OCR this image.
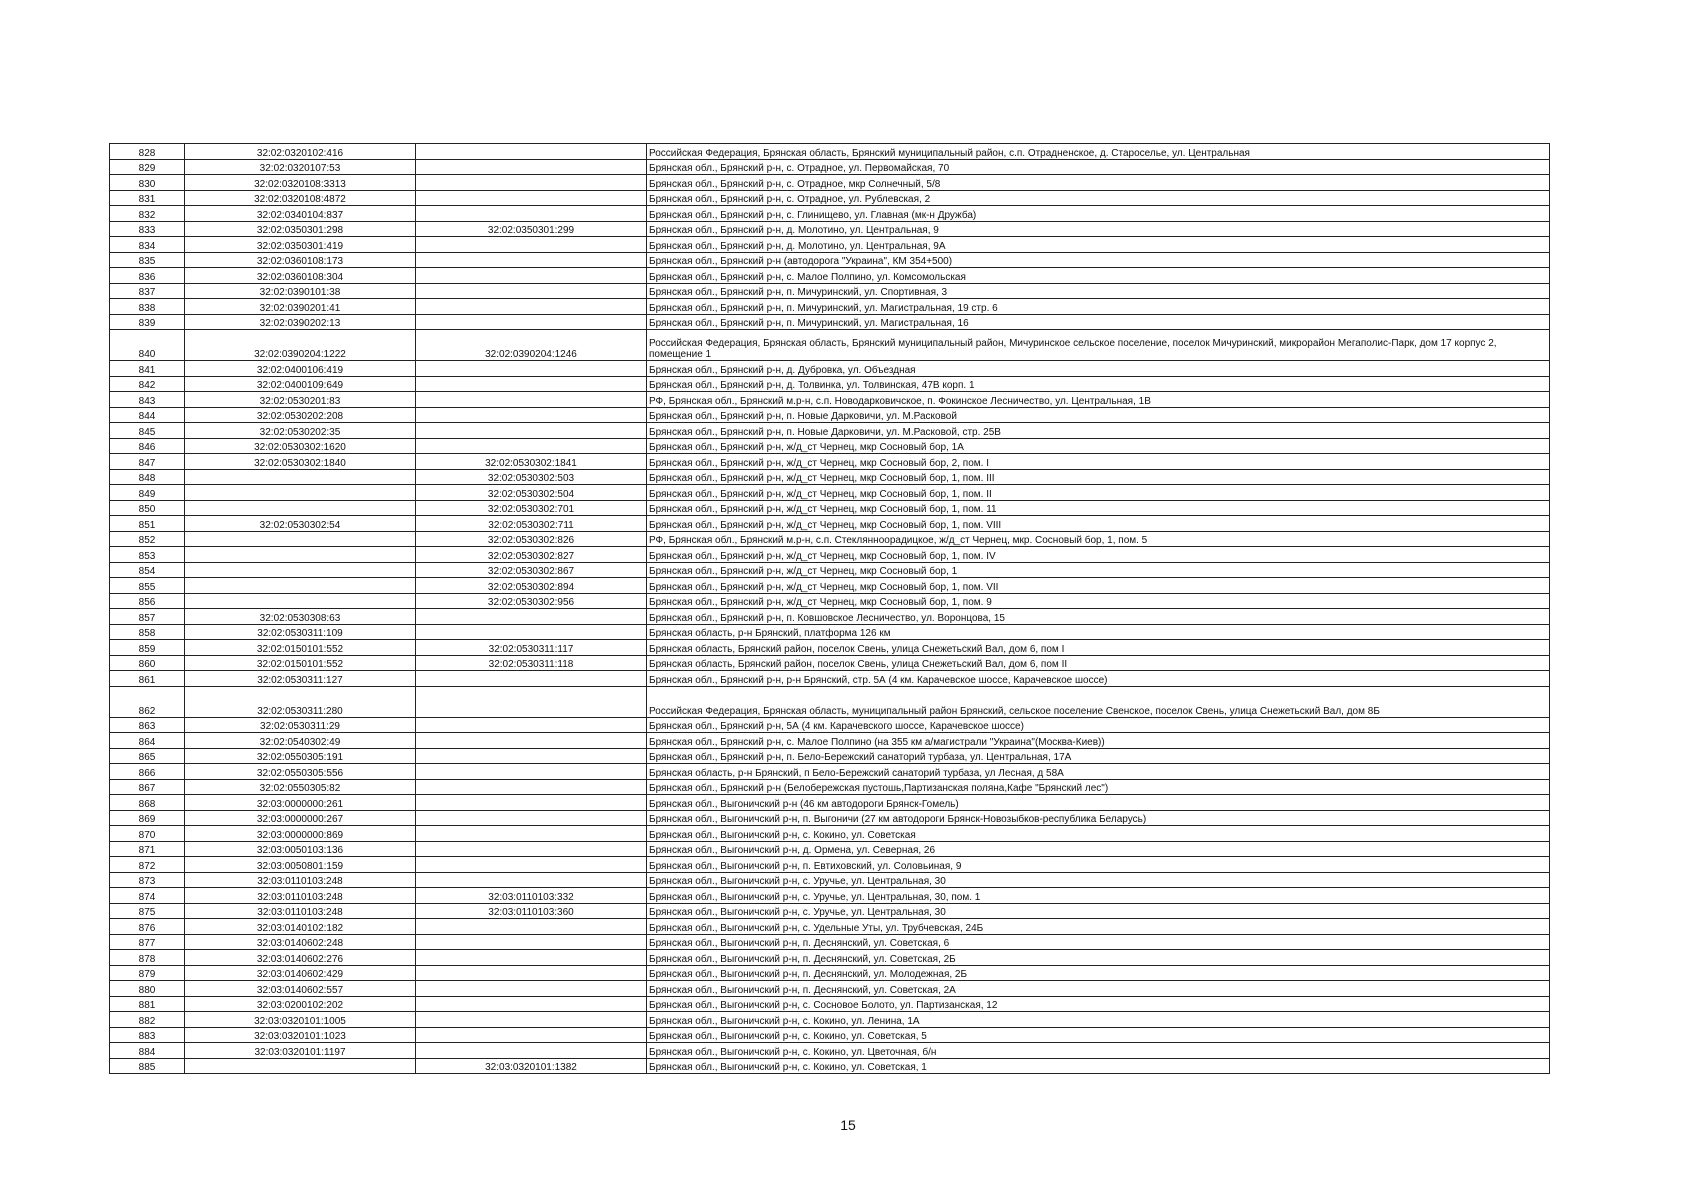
828	32:02:0320102:416		Российская Федерация, Брянская область, Брянский муниципальный район, с.п. Отрадненское, д. Староселье, ул. Центральная
829	32:02:0320107:53		Брянская обл., Брянский р-н, с. Отрадное, ул. Первомайская, 70
830	32:02:0320108:3313		Брянская обл., Брянский р-н, с. Отрадное, мкр Солнечный, 5/8
831	32:02:0320108:4872		Брянская обл., Брянский р-н, с. Отрадное, ул. Рублевская, 2
832	32:02:0340104:837		Брянская обл., Брянский р-н, с. Глинищево, ул. Главная (мк-н Дружба)
833	32:02:0350301:298	32:02:0350301:299	Брянская обл., Брянский р-н, д. Молотино, ул. Центральная, 9
834	32:02:0350301:419		Брянская обл., Брянский р-н, д. Молотино, ул. Центральная, 9А
835	32:02:0360108:173		Брянская обл., Брянский р-н (автодорога "Украина", КМ 354+500)
836	32:02:0360108:304		Брянская обл., Брянский р-н, с. Малое Полпино, ул. Комсомольская
837	32:02:0390101:38		Брянская обл., Брянский р-н, п. Мичуринский, ул. Спортивная, 3
838	32:02:0390201:41		Брянская обл., Брянский р-н, п. Мичуринский, ул. Магистральная, 19 стр. 6
839	32:02:0390202:13		Брянская обл., Брянский р-н, п. Мичуринский, ул. Магистральная, 16
840	32:02:0390204:1222	32:02:0390204:1246	Российская Федерация, Брянская область, Брянский муниципальный район, Мичуринское сельское поселение, поселок Мичуринский, микрорайон Мегаполис-Парк, дом 17 корпус 2, помещение 1
841	32:02:0400106:419		Брянская обл., Брянский р-н, д. Дубровка, ул. Объездная
842	32:02:0400109:649		Брянская обл., Брянский р-н, д. Толвинка, ул. Толвинская, 47В корп. 1
843	32:02:0530201:83		РФ, Брянская обл., Брянский м.р-н, с.п. Новодарковичское, п. Фокинское Лесничество, ул. Центральная, 1В
844	32:02:0530202:208		Брянская обл., Брянский р-н, п. Новые Дарковичи, ул. М.Расковой
845	32:02:0530202:35		Брянская обл., Брянский р-н, п. Новые Дарковичи, ул. М.Расковой, стр. 25В
846	32:02:0530302:1620		Брянская обл., Брянский р-н, ж/д_ст Чернец, мкр Сосновый бор, 1А
847	32:02:0530302:1840	32:02:0530302:1841	Брянская обл., Брянский р-н, ж/д_ст Чернец, мкр Сосновый бор, 2, пом. I
848		32:02:0530302:503	Брянская обл., Брянский р-н, ж/д_ст Чернец, мкр Сосновый бор, 1, пом. III
849		32:02:0530302:504	Брянская обл., Брянский р-н, ж/д_ст Чернец, мкр Сосновый бор, 1, пом. II
850		32:02:0530302:701	Брянская обл., Брянский р-н, ж/д_ст Чернец, мкр Сосновый бор, 1, пом. 11
851	32:02:0530302:54	32:02:0530302:711	Брянская обл., Брянский р-н, ж/д_ст Чернец, мкр Сосновый бор, 1, пом. VIII
852		32:02:0530302:826	РФ, Брянская обл., Брянский м.р-н, с.п. Стеклянноорадицкое, ж/д_ст Чернец, мкр. Сосновый бор, 1, пом. 5
853		32:02:0530302:827	Брянская обл., Брянский р-н, ж/д_ст Чернец, мкр Сосновый бор, 1, пом. IV
854		32:02:0530302:867	Брянская обл., Брянский р-н, ж/д_ст Чернец, мкр Сосновый бор, 1
855		32:02:0530302:894	Брянская обл., Брянский р-н, ж/д_ст Чернец, мкр Сосновый бор, 1, пом. VII
856		32:02:0530302:956	Брянская обл., Брянский р-н, ж/д_ст Чернец, мкр Сосновый бор, 1, пом. 9
857	32:02:0530308:63		Брянская обл., Брянский р-н, п. Ковшовское Лесничество, ул. Воронцова, 15
858	32:02:0530311:109		Брянская область, р-н Брянский, платформа 126 км
859	32:02:0150101:552	32:02:0530311:117	Брянская область, Брянский район, поселок Свень, улица Снежетьский Вал, дом 6, пом I
860	32:02:0150101:552	32:02:0530311:118	Брянская область, Брянский район, поселок Свень, улица Снежетьский Вал, дом 6, пом II
861	32:02:0530311:127		Брянская обл., Брянский р-н, р-н Брянский, стр. 5А (4 км. Карачевское шоссе, Карачевское шоссе)
862	32:02:0530311:280		Российская Федерация, Брянская область, муниципальный район Брянский, сельское поселение Свенское, поселок Свень, улица Снежетьский Вал, дом 8Б
863	32:02:0530311:29		Брянская обл., Брянский р-н, 5А (4 км. Карачевского шоссе, Карачевское шоссе)
864	32:02:0540302:49		Брянская обл., Брянский р-н, с. Малое Полпино (на 355 км а/магистрали "Украина"(Москва-Киев))
865	32:02:0550305:191		Брянская обл., Брянский р-н, п. Бело-Бережский санаторий турбаза, ул. Центральная, 17А
866	32:02:0550305:556		Брянская область, р-н Брянский, п Бело-Бережский санаторий турбаза, ул Лесная, д 58А
867	32:02:0550305:82		Брянская обл., Брянский р-н (Белобережская пустошь,Партизанская поляна,Кафе "Брянский лес")
868	32:03:0000000:261		Брянская обл., Выгоничский р-н (46 км автодороги Брянск-Гомель)
869	32:03:0000000:267		Брянская обл., Выгоничский р-н, п. Выгоничи (27 км автодороги Брянск-Новозыбков-республика Беларусь)
870	32:03:0000000:869		Брянская обл., Выгоничский р-н, с. Кокино, ул. Советская
871	32:03:0050103:136		Брянская обл., Выгоничский р-н, д. Ормена, ул. Северная, 26
872	32:03:0050801:159		Брянская обл., Выгоничский р-н, п. Евтиховский, ул. Соловьиная, 9
873	32:03:0110103:248		Брянская обл., Выгоничский р-н, с. Уручье, ул. Центральная, 30
874	32:03:0110103:248	32:03:0110103:332	Брянская обл., Выгоничский р-н, с. Уручье, ул. Центральная, 30, пом. 1
875	32:03:0110103:248	32:03:0110103:360	Брянская обл., Выгоничский р-н, с. Уручье, ул. Центральная, 30
876	32:03:0140102:182		Брянская обл., Выгоничский р-н, с. Удельные Уты, ул. Трубчевская, 24Б
877	32:03:0140602:248		Брянская обл., Выгоничский р-н, п. Деснянский, ул. Советская, 6
878	32:03:0140602:276		Брянская обл., Выгоничский р-н, п. Деснянский, ул. Советская, 2Б
879	32:03:0140602:429		Брянская обл., Выгоничский р-н, п. Деснянский, ул. Молодежная, 2Б
880	32:03:0140602:557		Брянская обл., Выгоничский р-н, п. Деснянский, ул. Советская, 2А
881	32:03:0200102:202		Брянская обл., Выгоничский р-н, с. Сосновое Болото, ул. Партизанская, 12
882	32:03:0320101:1005		Брянская обл., Выгоничский р-н, с. Кокино, ул. Ленина, 1А
883	32:03:0320101:1023		Брянская обл., Выгоничский р-н, с. Кокино, ул. Советская, 5
884	32:03:0320101:1197		Брянская обл., Выгоничский р-н, с. Кокино, ул. Цветочная, б/н
885		32:03:0320101:1382	Брянская обл., Выгоничский р-н, с. Кокино, ул. Советская, 1
15
